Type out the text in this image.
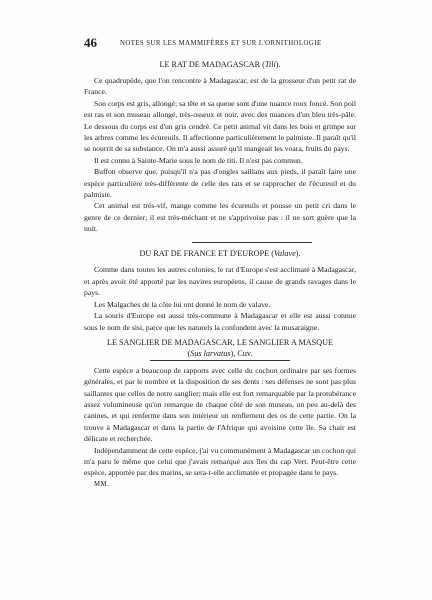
46	NOTES SUR LES MAMMIFÈRES ET SUR L'ORNITHOLOGIE
LE RAT DE MADAGASCAR (Tili).

Ce quadrupède, que l'on rencontre à Madagascar, est de la grosseur d'un petit rat de France.

Son corps est gris, allongé; sa tête et sa queue sont d'une nuance roux foncé. Son poil est ras et son museau allongé, très-osseux et noir, avec des nuances d'un bleu très-pâle. Le dessous du corps est d'un gris cendré. Ce petit animal vit dans les bois et grimpe sur les arbres comme les écureuils. Il affectionne particulièrement le palmiste. Il paraît qu'il se nourrit de sa substance. On m'a aussi assuré qu'il mangeait les voara, fruits du pays.

Il est connu à Sainte-Marie sous le nom de titi. Il n'est pas commun.

Buffon observe que, puisqu'il n'a pas d'ongles saillans aux pieds, il paraît faire une espèce particulière très-différente de celle des rats et se rapprocher de l'écureuil et du palmiste.

Cet animal est très-vif, mange comme les écureuils et pousse un petit cri dans le genre de ce dernier; il est très-méchant et ne s'apprivoise pas : il ne sort guère que la nuit.

DU RAT DE FRANCE ET D'EUROPE (Valave).

Comme dans toutes les autres colonies, le rat d'Europe s'est acclimaté à Madagascar, et après avoir été apporté par les navires européens, il cause de grands ravages dans le pays.

Les Malgaches de la côte lui ont donné le nom de valave.

La souris d'Europe est aussi très-commune à Madagascar et elle est aussi connue sous le nom de sisi, parce que les naturels la confondent avec la musaraigne.

LE SANGLIER DE MADAGASCAR, LE SANGLIER A MASQUE
(Sus larvatus), Cuv.

Cette espèce a beaucoup de rapports avec celle du cochon ordinaire par ses formes générales, et par le nombre et la disposition de ses dents : ses défenses ne sont pas plus saillantes que celles de notre sanglier; mais elle est fort remarquable par la protubérance assez volumineuse qu'on remarque de chaque côté de son museau, un peu au-delà des canines, et qui renferme dans son intérieur un renflement des os de cette partie. On la trouve à Madagascar et dans la partie de l'Afrique qui avoisine cette île. Sa chair est délicate et recherchée.

Indépendamment de cette espèce, j'ai vu communément à Madagascar un cochon qui m'a paru le même que celui que j'avais remarqué aux îles du cap Vert. Peut-être cette espèce, apportée par des marins, se sera-t-elle acclimatée et propagée dans le pays.

MM.
